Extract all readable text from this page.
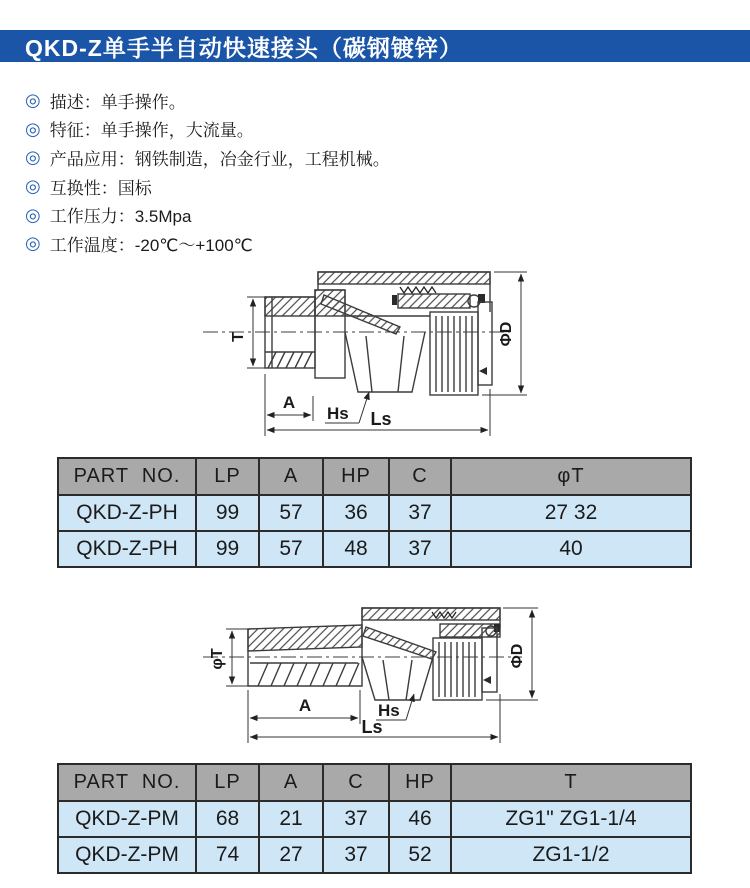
QKD-Z单手半自动快速接头（碳钢镀锌）
◎ 描述：单手操作。
◎ 特征：单手操作，大流量。
◎ 产品应用：钢铁制造，冶金行业，工程机械。
◎ 互换性：国标
◎ 工作压力：3.5Mpa
◎ 工作温度：-20℃～+100℃
T	ΦD
A
Hs Ls
PART  NO.	LP	A	HP	C	φT
QKD-Z-PH	99	57	36	37	27 32
QKD-Z-PH	99	57	48	37	40
φT	ΦD
A	Hs
Ls
PART  NO.	LP	A	C	HP	T
QKD-Z-PM	68	21	37	46	ZG1" ZG1-1/4
QKD-Z-PM	74	27	37	52	ZG1-1/2
